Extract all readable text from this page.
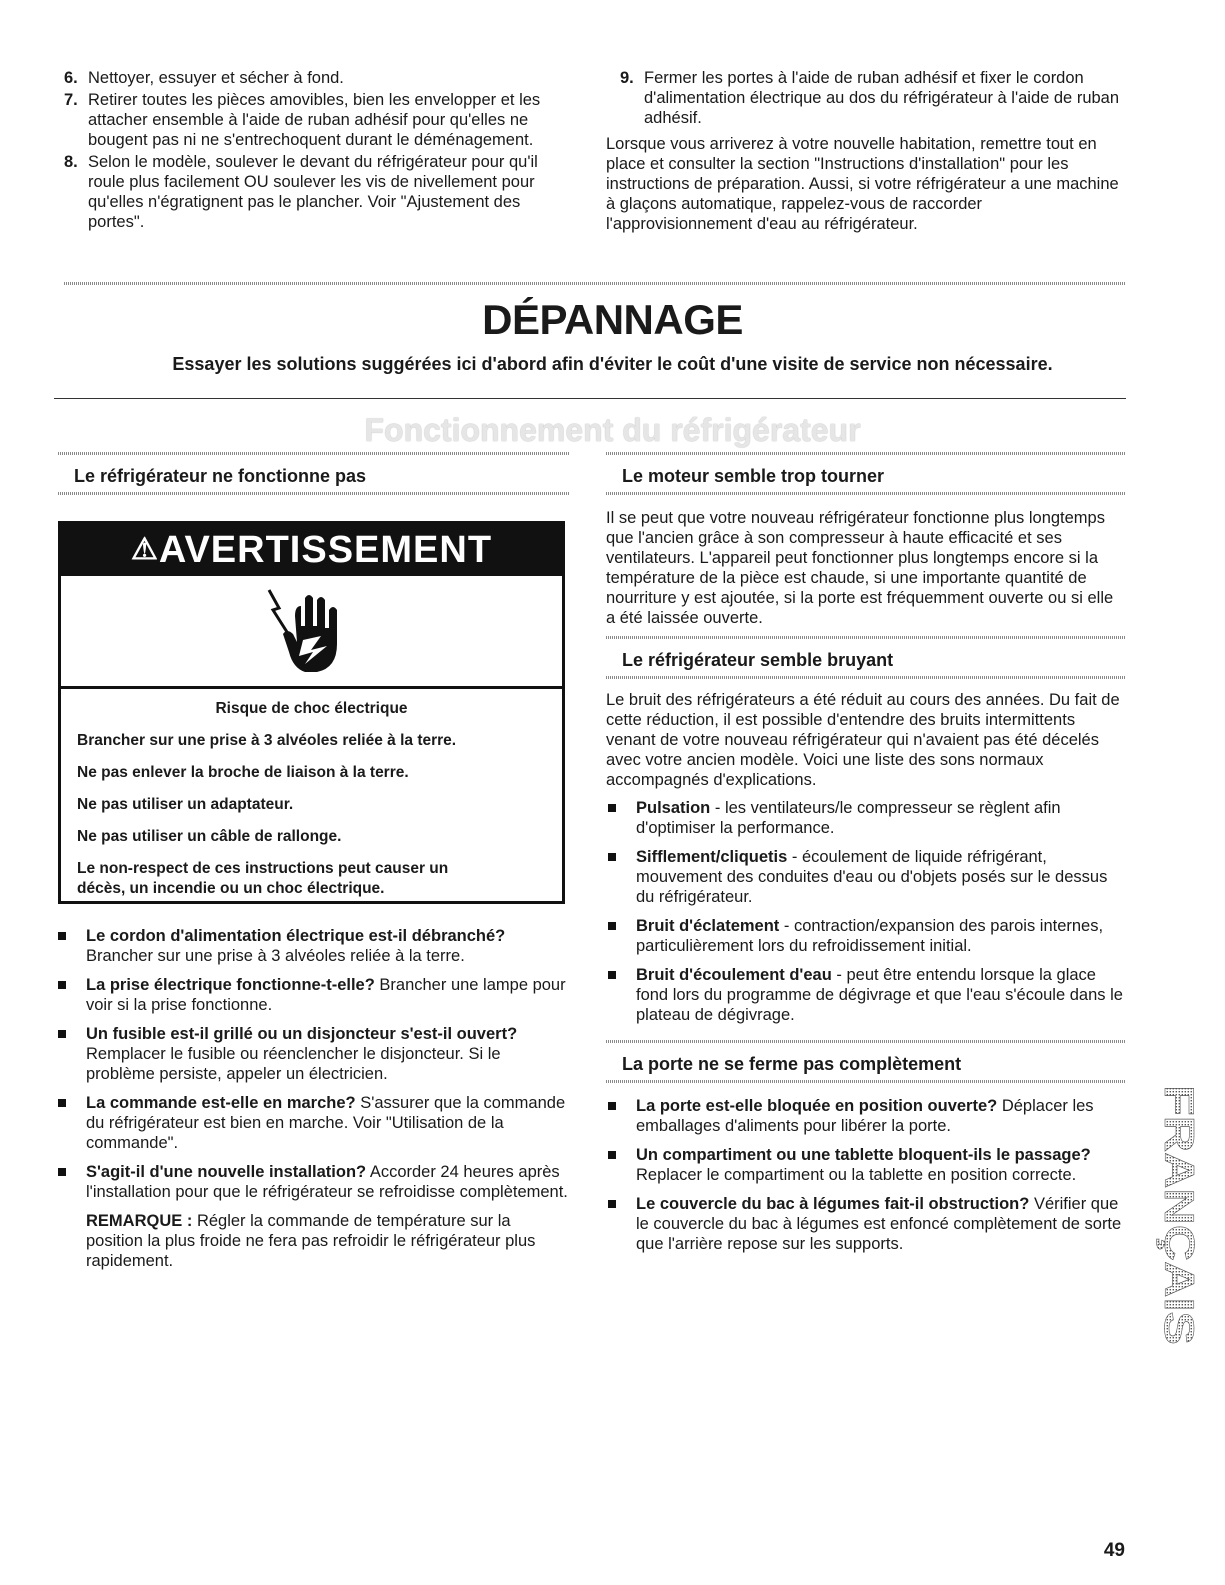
6. Nettoyer, essuyer et sécher à fond.
7. Retirer toutes les pièces amovibles, bien les envelopper et les attacher ensemble à l'aide de ruban adhésif pour qu'elles ne bougent pas ni ne s'entrechoquent durant le déménagement.
8. Selon le modèle, soulever le devant du réfrigérateur pour qu'il roule plus facilement OU soulever les vis de nivellement pour qu'elles n'égratignent pas le plancher. Voir "Ajustement des portes".
9. Fermer les portes à l'aide de ruban adhésif et fixer le cordon d'alimentation électrique au dos du réfrigérateur à l'aide de ruban adhésif.

Lorsque vous arriverez à votre nouvelle habitation, remettre tout en place et consulter la section "Instructions d'installation" pour les instructions de préparation. Aussi, si votre réfrigérateur a une machine à glaçons automatique, rappelez-vous de raccorder l'approvisionnement d'eau au réfrigérateur.

DÉPANNAGE

Essayer les solutions suggérées ici d'abord afin d'éviter le coût d'une visite de service non nécessaire.

Fonctionnement du réfrigérateur
Le réfrigérateur ne fonctionne pas
⚠AVERTISSEMENT

Risque de choc électrique

Brancher sur une prise à 3 alvéoles reliée à la terre.

Ne pas enlever la broche de liaison à la terre.

Ne pas utiliser un adaptateur.

Ne pas utiliser un câble de rallonge.

Le non-respect de ces instructions peut causer un décès, un incendie ou un choc électrique.

Le cordon d'alimentation électrique est-il débranché? Brancher sur une prise à 3 alvéoles reliée à la terre.
La prise électrique fonctionne-t-elle? Brancher une lampe pour voir si la prise fonctionne.
Un fusible est-il grillé ou un disjoncteur s'est-il ouvert? Remplacer le fusible ou réenclencher le disjoncteur. Si le problème persiste, appeler un électricien.
La commande est-elle en marche? S'assurer que la commande du réfrigérateur est bien en marche. Voir "Utilisation de la commande".
S'agit-il d'une nouvelle installation? Accorder 24 heures après l'installation pour que le réfrigérateur se refroidisse complètement.

REMARQUE : Régler la commande de température sur la position la plus froide ne fera pas refroidir le réfrigérateur plus rapidement.

Le moteur semble trop tourner

Il se peut que votre nouveau réfrigérateur fonctionne plus longtemps que l'ancien grâce à son compresseur à haute efficacité et ses ventilateurs. L'appareil peut fonctionner plus longtemps encore si la température de la pièce est chaude, si une importante quantité de nourriture y est ajoutée, si la porte est fréquemment ouverte ou si elle a été laissée ouverte.

Le réfrigérateur semble bruyant

Le bruit des réfrigérateurs a été réduit au cours des années. Du fait de cette réduction, il est possible d'entendre des bruits intermittents venant de votre nouveau réfrigérateur qui n'avaient pas été décelés avec votre ancien modèle. Voici une liste des sons normaux accompagnés d'explications.

Pulsation - les ventilateurs/le compresseur se règlent afin d'optimiser la performance.
Sifflement/cliquetis - écoulement de liquide réfrigérant, mouvement des conduites d'eau ou d'objets posés sur le dessus du réfrigérateur.
Bruit d'éclatement - contraction/expansion des parois internes, particulièrement lors du refroidissement initial.
Bruit d'écoulement d'eau - peut être entendu lorsque la glace fond lors du programme de dégivrage et que l'eau s'écoule dans le plateau de dégivrage.
La porte ne se ferme pas complètement
La porte est-elle bloquée en position ouverte? Déplacer les emballages d'aliments pour libérer la porte.
Un compartiment ou une tablette bloquent-ils le passage? Replacer le compartiment ou la tablette en position correcte.
Le couvercle du bac à légumes fait-il obstruction? Vérifier que le couvercle du bac à légumes est enfoncé complètement de sorte que l'arrière repose sur les supports.	FRANÇAIS

49
